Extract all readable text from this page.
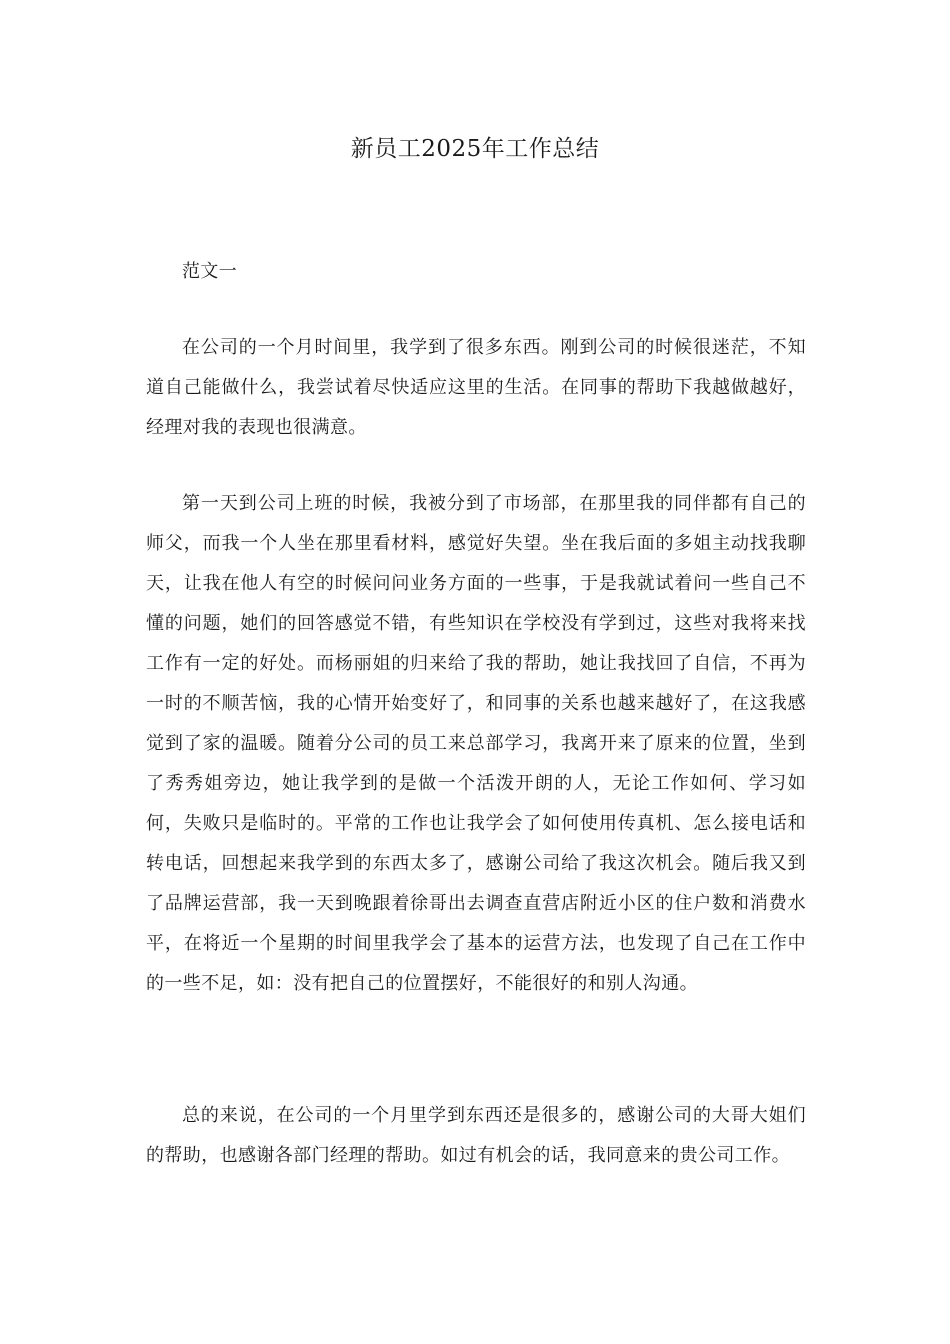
新员工2025年工作总结

范文一

在公司的一个月时间里，我学到了很多东西。刚到公司的时候很迷茫，不知道自己能做什么，我尝试着尽快适应这里的生活。在同事的帮助下我越做越好，经理对我的表现也很满意。

第一天到公司上班的时候，我被分到了市场部，在那里我的同伴都有自己的师父，而我一个人坐在那里看材料，感觉好失望。坐在我后面的多姐主动找我聊天，让我在他人有空的时候问问业务方面的一些事，于是我就试着问一些自己不懂的问题，她们的回答感觉不错，有些知识在学校没有学到过，这些对我将来找工作有一定的好处。而杨丽姐的归来给了我的帮助，她让我找回了自信，不再为一时的不顺苦恼，我的心情开始变好了，和同事的关系也越来越好了，在这我感觉到了家的温暖。随着分公司的员工来总部学习，我离开来了原来的位置，坐到了秀秀姐旁边，她让我学到的是做一个活泼开朗的人，无论工作如何、学习如何，失败只是临时的。平常的工作也让我学会了如何使用传真机、怎么接电话和转电话，回想起来我学到的东西太多了，感谢公司给了我这次机会。随后我又到了品牌运营部，我一天到晚跟着徐哥出去调查直营店附近小区的住户数和消费水平，在将近一个星期的时间里我学会了基本的运营方法，也发现了自己在工作中的一些不足，如：没有把自己的位置摆好，不能很好的和别人沟通。

总的来说，在公司的一个月里学到东西还是很多的，感谢公司的大哥大姐们的帮助，也感谢各部门经理的帮助。如过有机会的话，我同意来的贵公司工作。
